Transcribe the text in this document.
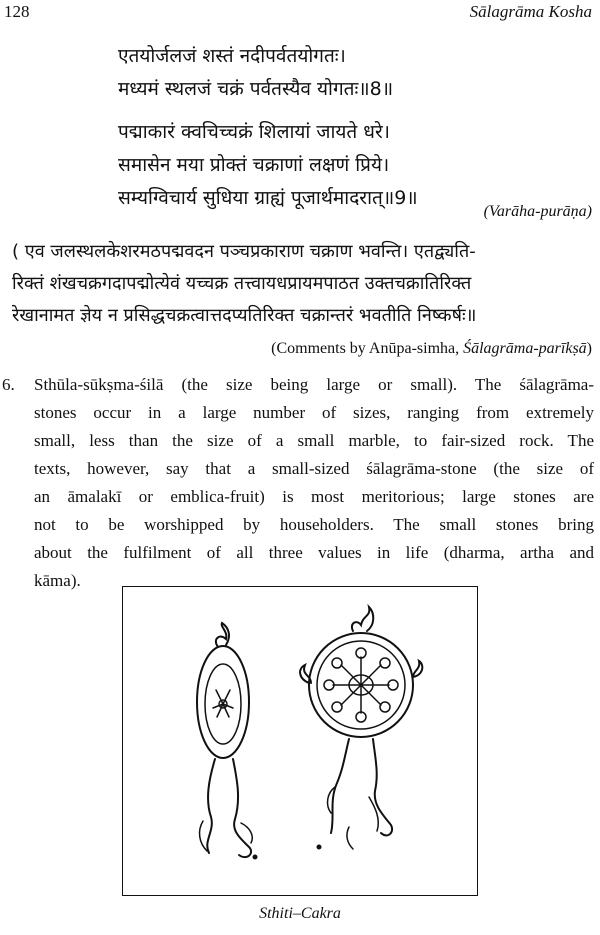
128	Sālagrāma Kosha
एतयोर्जलजं शस्तं नदीपर्वतयोगतः।
मध्यमं स्थलजं चक्रं पर्वतस्यैव योगतः॥8॥
पद्माकारं क्वचिच्चक्रं शिलायां जायते धरे।
समासेन मया प्रोक्तं चक्राणां लक्षणं प्रिये।
सम्यग्विचार्य सुधिया ग्राह्यं पूजार्थमादरात्॥9॥
(Varāha-purāṇa)
( एव जलस्थलकेशरमठपद्मवदन पञ्चप्रकाराण चक्राण भवन्ति। एतद्व्यति-
रिक्तं शंखचक्रगदापद्मोत्येवं यच्चक्र तत्त्वायधप्रायमपाठत उक्तचक्रातिरिक्त
रेखानामत ज्ञेय न प्रसिद्धचक्रत्वात्तदप्यतिरिक्त चक्रान्तरं भवतीति निष्कर्षः॥
(Comments by Anūpa-simha, Śālagrāma-parīkṣā)
6. Sthūla-sūkṣma-śilā (the size being large or small). The śālagrāma-
stones occur in a large number of sizes, ranging from extremely
small, less than the size of a small marble, to fair-sized rock. The
texts, however, say that a small-sized śālagrāma-stone (the size of
an āmalakī or emblica-fruit) is most meritorious; large stones are
not to be worshipped by householders. The small stones bring
about the fulfilment of all three values in life (dharma, artha and
kāma).
Sthiti–Cakra
